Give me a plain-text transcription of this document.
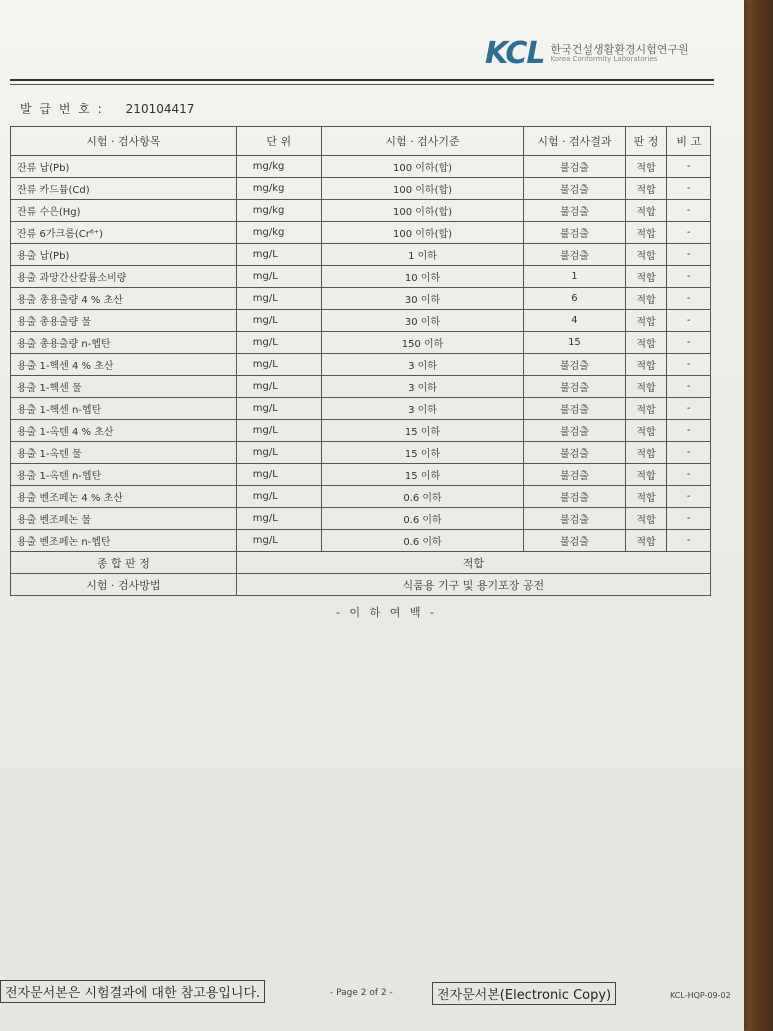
KCL 한국건설생활환경시험연구원
Korea Conformity Laboratories
발 급 번 호 : 210104417
시험 · 검사항목	단 위	시험 · 검사기준	시험 · 검사결과	판 정	비 고
잔류 납(Pb)	mg/kg	100 이하(합)	불검출	적합	-
잔류 카드뮴(Cd)	mg/kg	100 이하(합)	불검출	적합	-
잔류 수은(Hg)	mg/kg	100 이하(합)	불검출	적합	-
잔류 6가크롬(Cr⁶⁺)	mg/kg	100 이하(합)	불검출	적합	-
용출 납(Pb)	mg/L	1 이하	불검출	적합	-
용출 과망간산칼륨소비량	mg/L	10 이하	1	적합	-
용출 총용출량 4 % 초산	mg/L	30 이하	6	적합	-
용출 총용출량 물	mg/L	30 이하	4	적합	-
용출 총용출량 n-헵탄	mg/L	150 이하	15	적합	-
용출 1-헥센 4 % 초산	mg/L	3 이하	불검출	적합	-
용출 1-헥센 물	mg/L	3 이하	불검출	적합	-
용출 1-헥센 n-헵탄	mg/L	3 이하	불검출	적합	-
용출 1-옥텐 4 % 초산	mg/L	15 이하	불검출	적합	-
용출 1-옥텐 물	mg/L	15 이하	불검출	적합	-
용출 1-옥텐 n-헵탄	mg/L	15 이하	불검출	적합	-
용출 벤조페논 4 % 초산	mg/L	0.6 이하	불검출	적합	-
용출 벤조페논 물	mg/L	0.6 이하	불검출	적합	-
용출 벤조페논 n-헵탄	mg/L	0.6 이하	불검출	적합	-
종 합 판 정	적합				
시험 · 검사방법	식품용 기구 및 용기포장 공전				
- 이 하 여 백 -
전자문서본은 시험결과에 대한 참고용입니다.	- Page 2 of 2 -	전자문서본(Electronic Copy)	KCL-HQP-09-02
